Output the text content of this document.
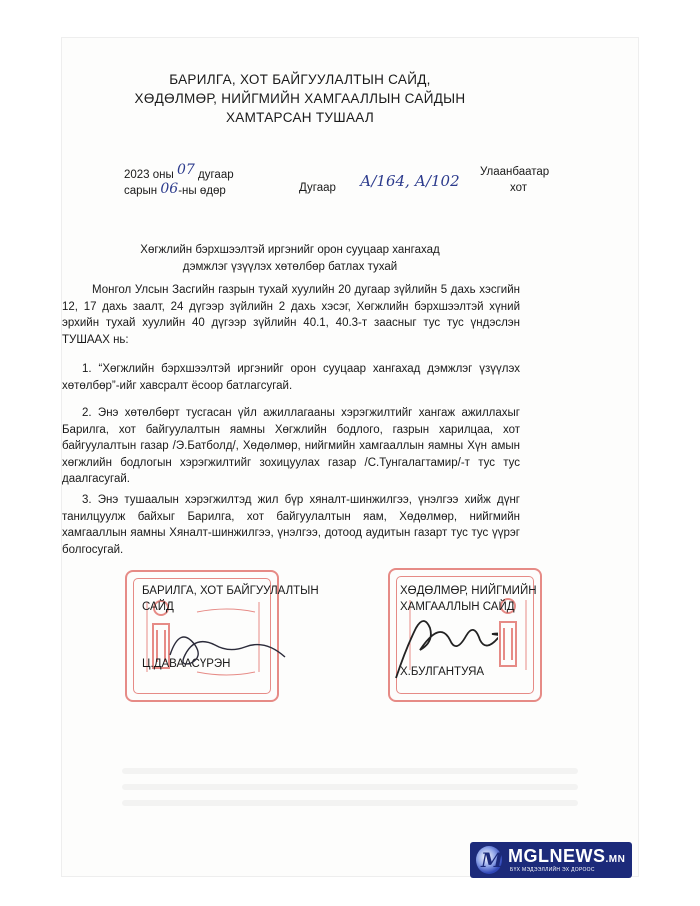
БАРИЛГА, ХОТ БАЙГУУЛАЛТЫН САЙД,
ХӨДӨЛМӨР, НИЙГМИЙН ХАМГААЛЛЫН САЙДЫН
ХАМТАРСАН ТУШААЛ
2023 оны 07 дугаар
сарын 06-ны өдөр	Дугаар А/164, А/102 Улаанбаатар
хот
Хөгжлийн бэрхшээлтэй иргэнийг орон сууцаар хангахад
дэмжлэг үзүүлэх хөтөлбөр батлах тухай
Монгол Улсын Засгийн газрын тухай хуулийн 20 дугаар зүйлийн 5 дахь хэсгийн 12, 17 дахь заалт, 24 дүгээр зүйлийн 2 дахь хэсэг, Хөгжлийн бэрхшээлтэй хүний эрхийн тухай хуулийн 40 дүгээр зүйлийн 40.1, 40.3-т заасныг тус тус үндэслэн ТУШААХ нь:
1. “Хөгжлийн бэрхшээлтэй иргэнийг орон сууцаар хангахад дэмжлэг үзүүлэх хөтөлбөр”-ийг хавсралт ёсоор батлагсугай.
2. Энэ хөтөлбөрт тусгасан үйл ажиллагааны хэрэгжилтийг хангаж ажиллахыг Барилга, хот байгуулалтын яамны Хөгжлийн бодлого, газрын харилцаа, хот байгуулалтын газар /Э.Батболд/, Хөдөлмөр, нийгмийн хамгааллын яамны Хүн амын хөгжлийн бодлогын хэрэгжилтийг зохицуулах газар /С.Тунгалагтамир/-т тус тус даалгасугай.
3. Энэ тушаалын хэрэгжилтэд жил бүр хяналт-шинжилгээ, үнэлгээ хийж дүнг танилцуулж байхыг Барилга, хот байгуулалтын яам, Хөдөлмөр, нийгмийн хамгааллын яамны Хяналт-шинжилгээ, үнэлгээ, дотоод аудитын газарт тус тус үүрэг болгосугай.
БАРИЛГА, ХОТ БАЙГУУЛАЛТЫН
САЙД
Ц.ДАВААСҮРЭН
ХӨДӨЛМӨР, НИЙГМИЙН
ХАМГААЛЛЫН САЙД
Х.БУЛГАНТУЯА
M MGLNEWS.MN
БҮХ МЭДЭЭЛЛИЙН ЭХ ДОРООС
